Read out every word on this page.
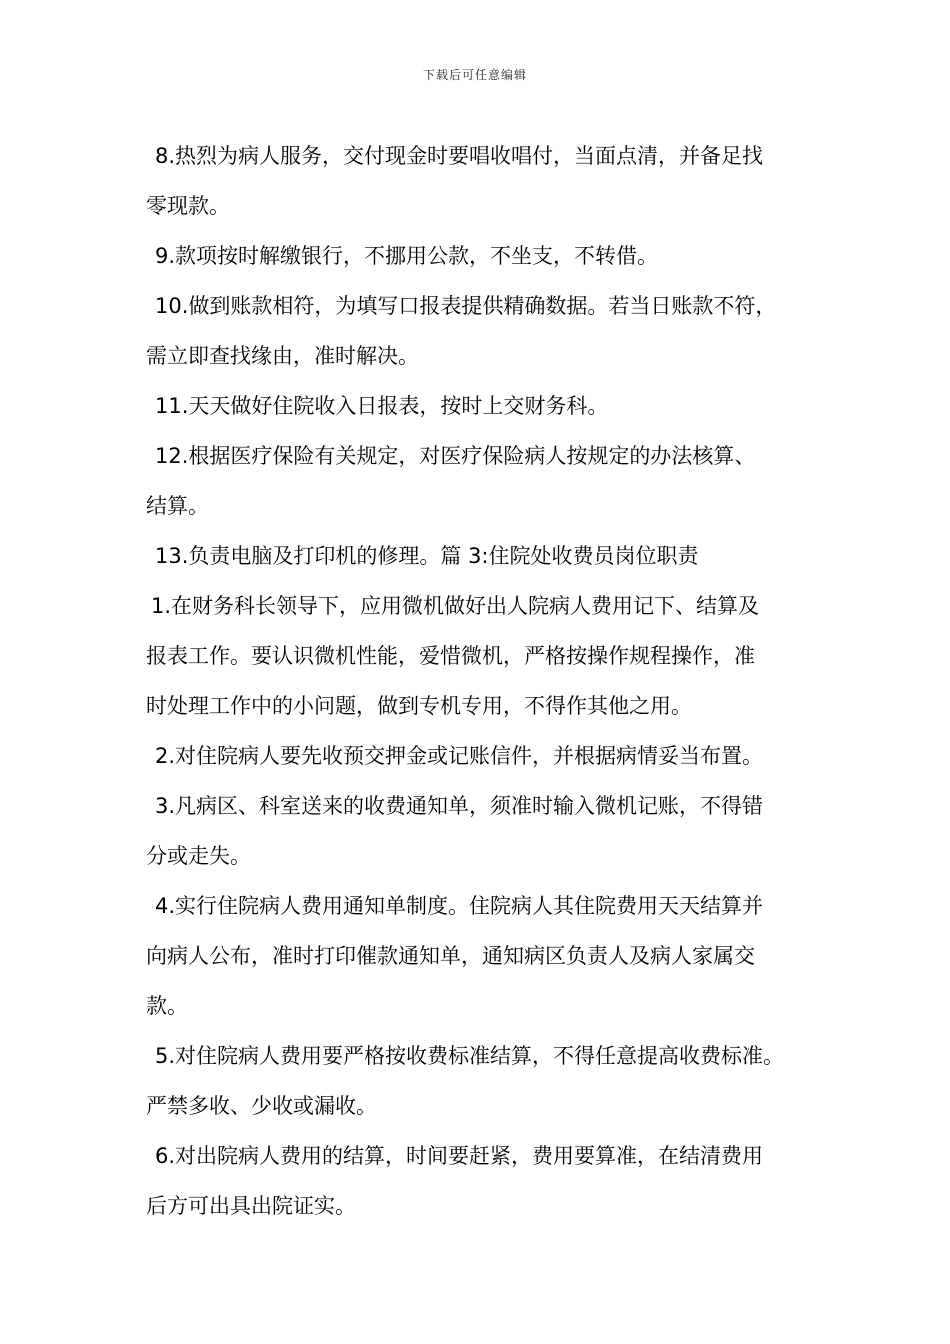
下载后可任意编辑

8.热烈为病人服务，交付现金时要唱收唱付，当面点清，并备足找

零现款。

9.款项按时解缴银行，不挪用公款，不坐支，不转借。

10.做到账款相符，为填写口报表提供精确数据。若当日账款不符，

需立即查找缘由，准时解决。

11.天天做好住院收入日报表，按时上交财务科。

12.根据医疗保险有关规定，对医疗保险病人按规定的办法核算、

结算。

13.负责电脑及打印机的修理。篇 3:住院处收费员岗位职责

1.在财务科长领导下，应用微机做好出人院病人费用记下、结算及

报表工作。要认识微机性能，爱惜微机，严格按操作规程操作，准

时处理工作中的小问题，做到专机专用，不得作其他之用。

2.对住院病人要先收预交押金或记账信件，并根据病情妥当布置。

3.凡病区、科室送来的收费通知单，须准时输入微机记账，不得错

分或走失。

4.实行住院病人费用通知单制度。住院病人其住院费用天天结算并

向病人公布，准时打印催款通知单，通知病区负责人及病人家属交

款。

5.对住院病人费用要严格按收费标准结算，不得任意提高收费标准。

严禁多收、少收或漏收。

6.对出院病人费用的结算，时间要赶紧，费用要算准，在结清费用

后方可出具出院证实。
